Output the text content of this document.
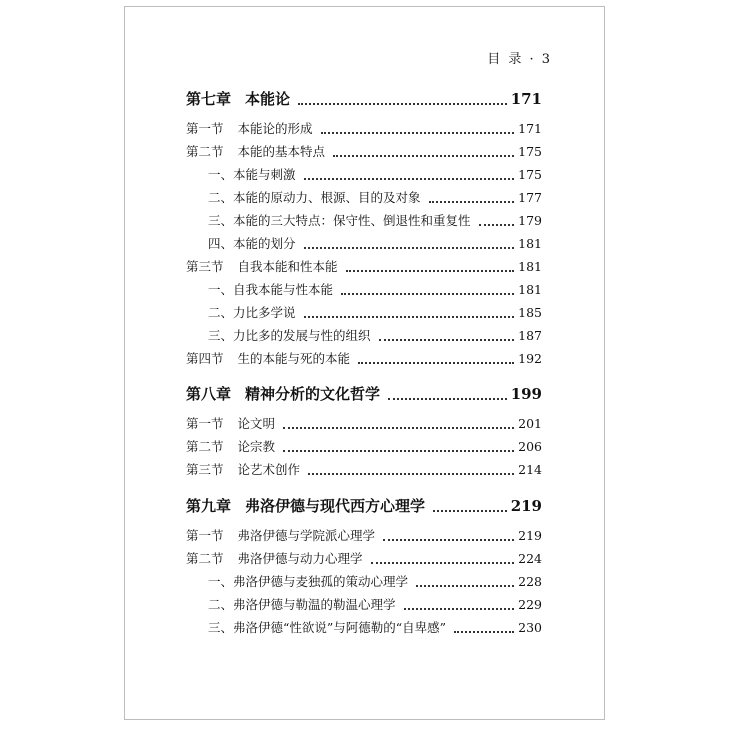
目 录 · 3
第七章 本能论	171
第一节 本能论的形成	171
第二节 本能的基本特点	175
一、本能与刺激	175
二、本能的原动力、根源、目的及对象	177
三、本能的三大特点：保守性、倒退性和重复性	179
四、本能的划分	181
第三节 自我本能和性本能	181
一、自我本能与性本能	181
二、力比多学说	185
三、力比多的发展与性的组织	187
第四节 生的本能与死的本能	192
第八章 精神分析的文化哲学	199
第一节 论文明	201
第二节 论宗教	206
第三节 论艺术创作	214
第九章 弗洛伊德与现代西方心理学	219
第一节 弗洛伊德与学院派心理学	219
第二节 弗洛伊德与动力心理学	224
一、弗洛伊德与麦独孤的策动心理学	228
二、弗洛伊德与勒温的勒温心理学	229
三、弗洛伊德“性欲说”与阿德勒的“自卑感”	230
